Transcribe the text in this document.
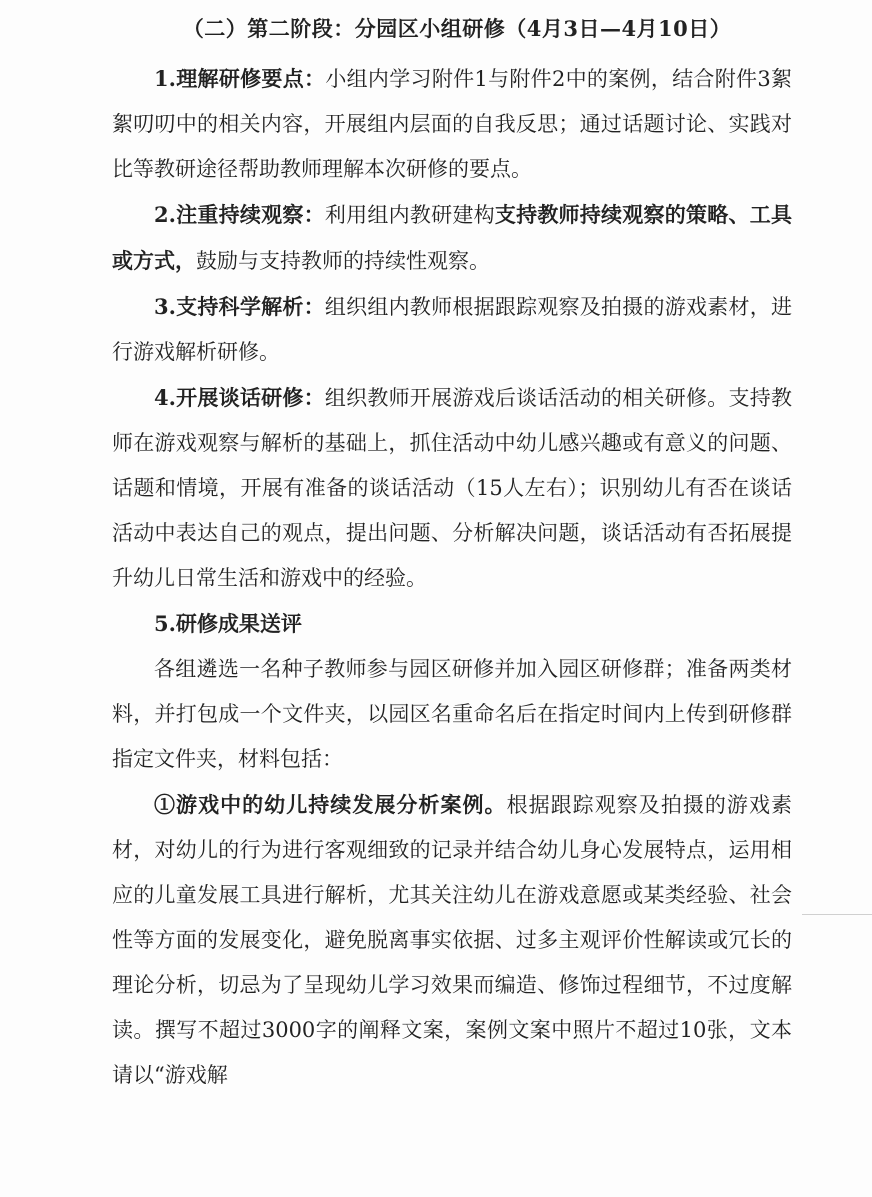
（二）第二阶段：分园区小组研修（4月3日—4月10日）

1.理解研修要点：小组内学习附件1与附件2中的案例，结合附件3絮絮叨叨中的相关内容，开展组内层面的自我反思；通过话题讨论、实践对比等教研途径帮助教师理解本次研修的要点。

2.注重持续观察：利用组内教研建构支持教师持续观察的策略、工具或方式，鼓励与支持教师的持续性观察。

3.支持科学解析：组织组内教师根据跟踪观察及拍摄的游戏素材，进行游戏解析研修。

4.开展谈话研修：组织教师开展游戏后谈话活动的相关研修。支持教师在游戏观察与解析的基础上，抓住活动中幼儿感兴趣或有意义的问题、话题和情境，开展有准备的谈话活动（15人左右）；识别幼儿有否在谈话活动中表达自己的观点，提出问题、分析解决问题，谈话活动有否拓展提升幼儿日常生活和游戏中的经验。

5.研修成果送评

各组遴选一名种子教师参与园区研修并加入园区研修群；准备两类材料，并打包成一个文件夹，以园区名重命名后在指定时间内上传到研修群指定文件夹，材料包括：

①游戏中的幼儿持续发展分析案例。根据跟踪观察及拍摄的游戏素材，对幼儿的行为进行客观细致的记录并结合幼儿身心发展特点，运用相应的儿童发展工具进行解析，尤其关注幼儿在游戏意愿或某类经验、社会性等方面的发展变化，避免脱离事实依据、过多主观评价性解读或冗长的理论分析，切忌为了呈现幼儿学习效果而编造、修饰过程细节，不过度解读。撰写不超过3000字的阐释文案，案例文案中照片不超过10张，文本请以“游戏解
